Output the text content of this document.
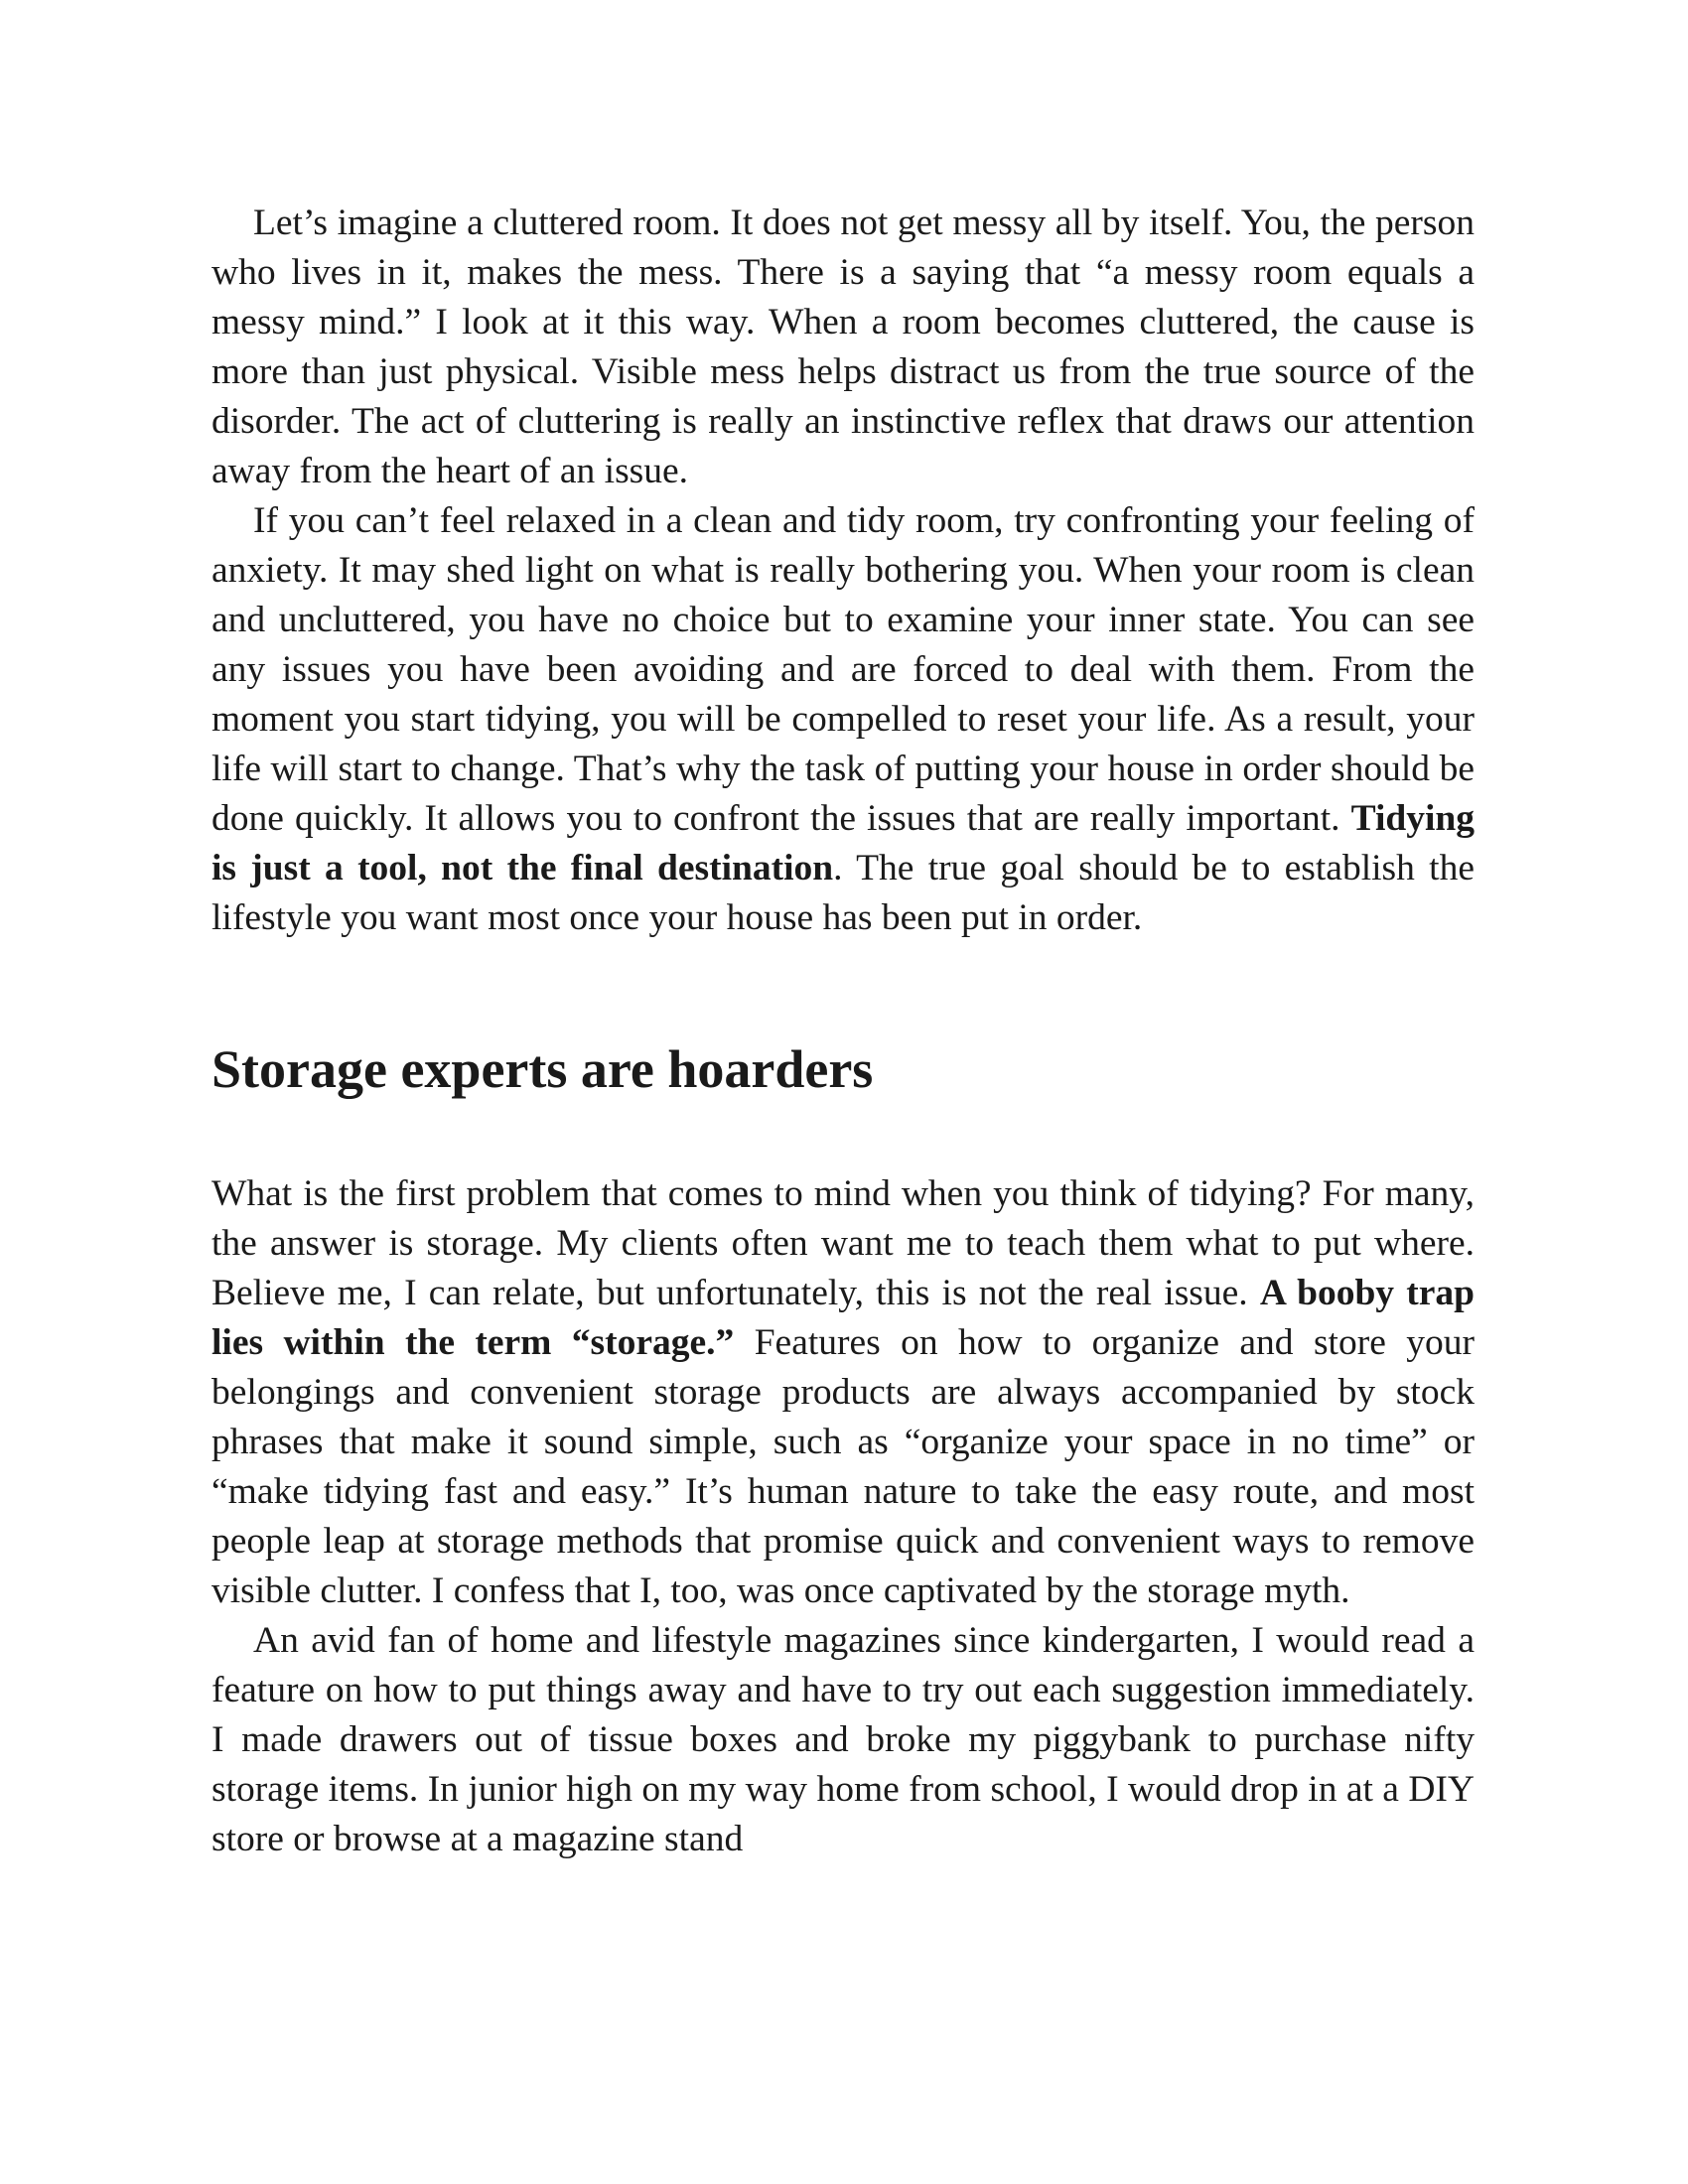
Let’s imagine a cluttered room. It does not get messy all by itself. You, the person who lives in it, makes the mess. There is a saying that “a messy room equals a messy mind.” I look at it this way. When a room becomes cluttered, the cause is more than just physical. Visible mess helps distract us from the true source of the disorder. The act of cluttering is really an instinctive reflex that draws our attention away from the heart of an issue.

If you can’t feel relaxed in a clean and tidy room, try confronting your feeling of anxiety. It may shed light on what is really bothering you. When your room is clean and uncluttered, you have no choice but to examine your inner state. You can see any issues you have been avoiding and are forced to deal with them. From the moment you start tidying, you will be compelled to reset your life. As a result, your life will start to change. That’s why the task of putting your house in order should be done quickly. It allows you to confront the issues that are really important. Tidying is just a tool, not the final destination. The true goal should be to establish the lifestyle you want most once your house has been put in order.

Storage experts are hoarders

What is the first problem that comes to mind when you think of tidying? For many, the answer is storage. My clients often want me to teach them what to put where. Believe me, I can relate, but unfortunately, this is not the real issue. A booby trap lies within the term “storage.” Features on how to organize and store your belongings and convenient storage products are always accompanied by stock phrases that make it sound simple, such as “organize your space in no time” or “make tidying fast and easy.” It’s human nature to take the easy route, and most people leap at storage methods that promise quick and convenient ways to remove visible clutter. I confess that I, too, was once captivated by the storage myth.

An avid fan of home and lifestyle magazines since kindergarten, I would read a feature on how to put things away and have to try out each suggestion immediately. I made drawers out of tissue boxes and broke my piggybank to purchase nifty storage items. In junior high on my way home from school, I would drop in at a DIY store or browse at a magazine stand
